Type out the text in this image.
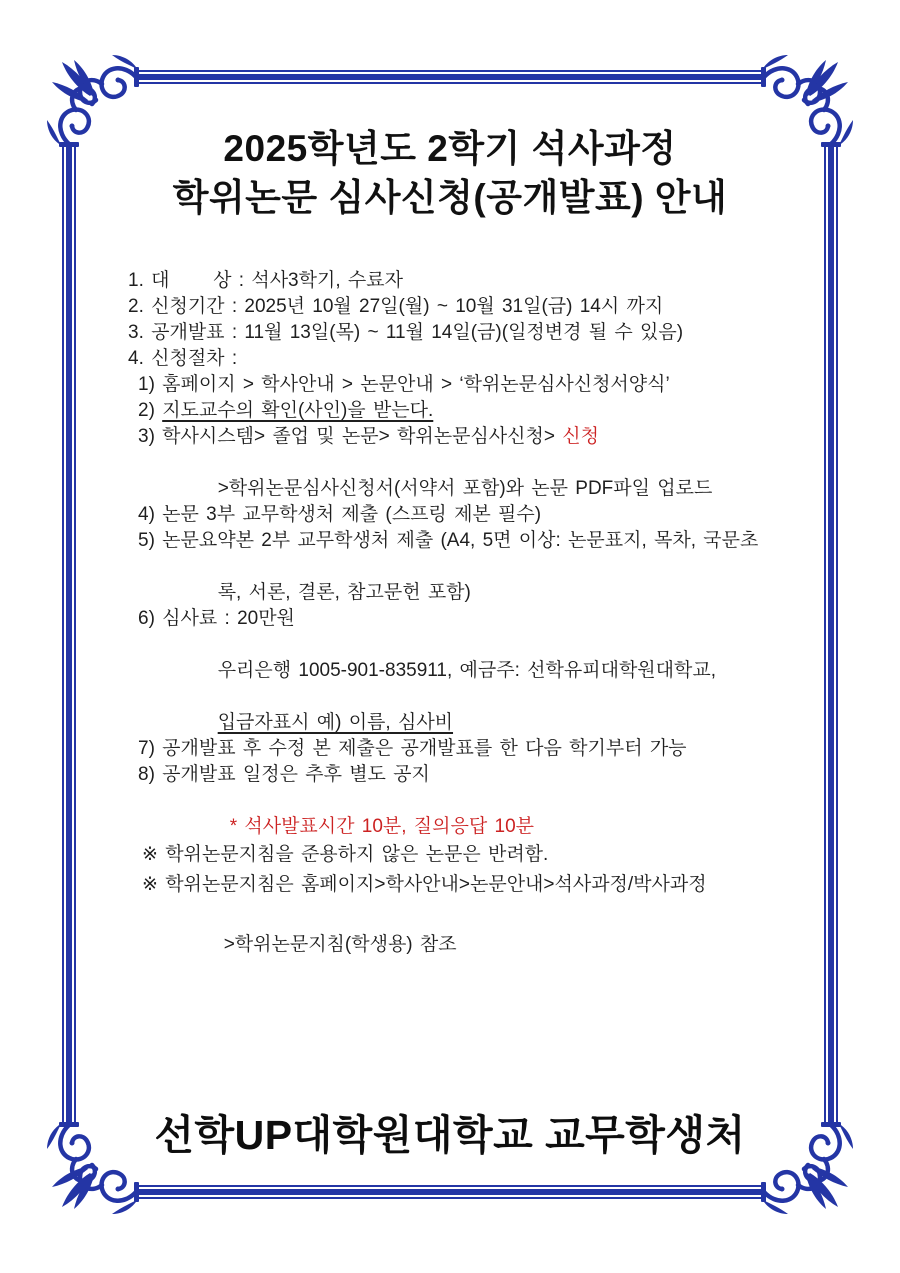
2025학년도 2학기 석사과정
학위논문 심사신청(공개발표) 안내

1. 대      상 : 석사3학기, 수료자

2. 신청기간 : 2025년 10월 27일(월) ~ 10월 31일(금) 14시 까지

3. 공개발표 : 11월 13일(목) ~ 11월 14일(금)(일정변경 될 수 있음)

4. 신청절차 :

1) 홈페이지 > 학사안내 > 논문안내 > ‘학위논문심사신청서양식’

2) 지도교수의 확인(사인)을 받는다.

3) 학사시스템> 졸업 및 논문> 학위논문심사신청> 신청

>학위논문심사신청서(서약서 포함)와 논문 PDF파일 업로드

4) 논문 3부 교무학생처 제출 (스프링 제본 필수)

5) 논문요약본 2부 교무학생처 제출 (A4, 5면 이상: 논문표지, 목차, 국문초

록, 서론, 결론, 참고문헌 포함)

6) 심사료 : 20만원

우리은행 1005-901-835911, 예금주: 선학유피대학원대학교,

입금자표시 예) 이름, 심사비

7) 공개발표 후 수정 본 제출은 공개발표를 한 다음 학기부터 가능

8) 공개발표 일정은 추후 별도 공지

* 석사발표시간 10분, 질의응답 10분

※ 학위논문지침을 준용하지 않은 논문은 반려함.

※ 학위논문지침은 홈페이지>학사안내>논문안내>석사과정/박사과정

>학위논문지침(학생용) 참조

선학UP대학원대학교 교무학생처
